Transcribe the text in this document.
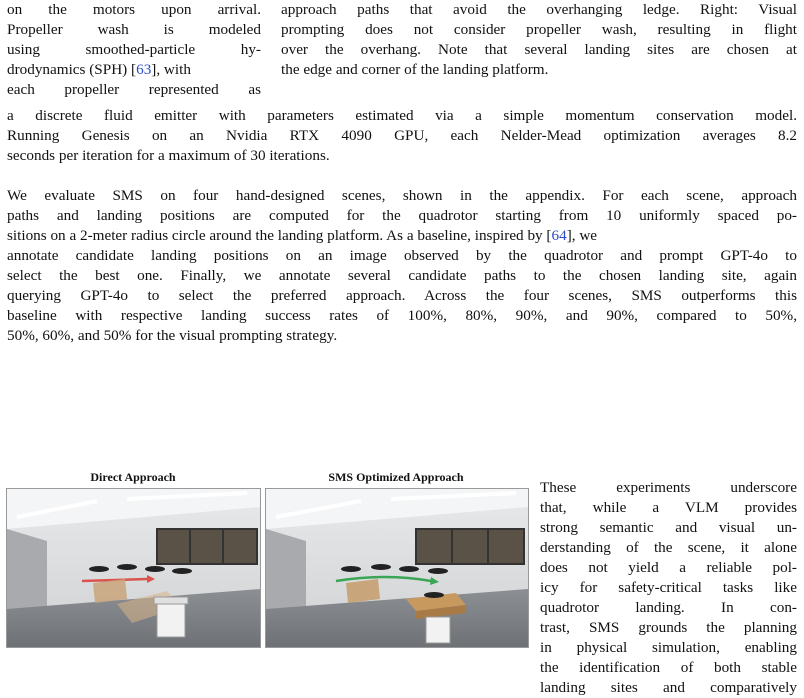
on the motors upon arrival.
Propeller wash is modeled
using smoothed-particle hy-
drodynamics (SPH) [63], with
each propeller represented as
approach paths that avoid the overhanging ledge. Right: Visual
prompting does not consider propeller wash, resulting in flight
over the overhang. Note that several landing sites are chosen at
the edge and corner of the landing platform.
a discrete fluid emitter with parameters estimated via a simple momentum conservation model.
Running Genesis on an Nvidia RTX 4090 GPU, each Nelder-Mead optimization averages 8.2
seconds per iteration for a maximum of 30 iterations.
We evaluate SMS on four hand-designed scenes, shown in the appendix. For each scene, approach
paths and landing positions are computed for the quadrotor starting from 10 uniformly spaced po-
sitions on a 2-meter radius circle around the landing platform. As a baseline, inspired by [64], we
annotate candidate landing positions on an image observed by the quadrotor and prompt GPT-4o to
select the best one. Finally, we annotate several candidate paths to the chosen landing site, again
querying GPT-4o to select the preferred approach. Across the four scenes, SMS outperforms this
baseline with respective landing success rates of 100%, 80%, 90%, and 90%, compared to 50%,
50%, 60%, and 50% for the visual prompting strategy.
Direct Approach	SMS Optimized Approach
These experiments underscore
that, while a VLM provides
strong semantic and visual un-
derstanding of the scene, it alone
does not yield a reliable pol-
icy for safety-critical tasks like
quadrotor landing. In con-
trast, SMS grounds the planning
in physical simulation, enabling
the identification of both stable
landing sites and comparatively
